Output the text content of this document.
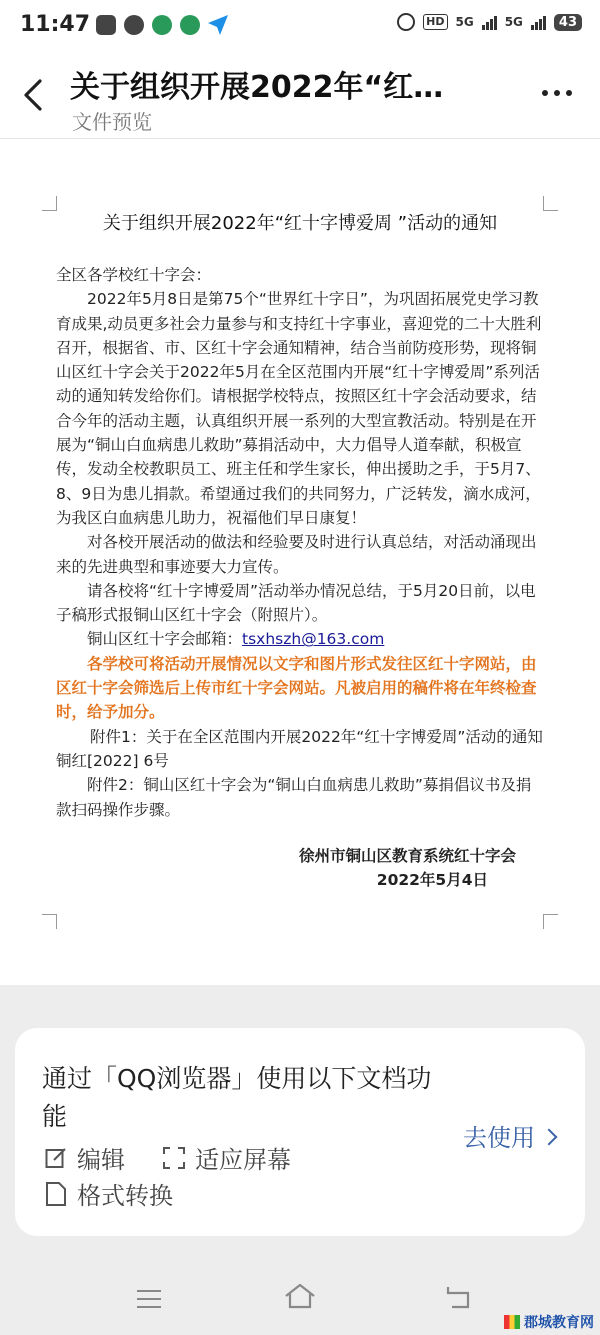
11:47	HD 5G	5G	43
关于组织开展2022年“红…
文件预览
关于组织开展2022年“红十字博爱周 ”活动的通知

全区各学校红十字会：

2022年5月8日是第75个“世界红十字日”，为巩固拓展党史学习教育成果,动员更多社会力量参与和支持红十字事业，喜迎党的二十大胜利召开，根据省、市、区红十字会通知精神，结合当前防疫形势，现将铜山区红十字会关于2022年5月在全区范围内开展“红十字博爱周”系列活动的通知转发给你们。请根据学校特点，按照区红十字会活动要求，结合今年的活动主题，认真组织开展一系列的大型宣教活动。特别是在开展为“铜山白血病患儿救助”募捐活动中，大力倡导人道奉献，积极宣传，发动全校教职员工、班主任和学生家长，伸出援助之手，于5月7、8、9日为患儿捐款。希望通过我们的共同努力，广泛转发，滴水成河，为我区白血病患儿助力，祝福他们早日康复！

对各校开展活动的做法和经验要及时进行认真总结，对活动涌现出来的先进典型和事迹要大力宣传。

请各校将“红十字博爱周”活动举办情况总结，于5月20日前，以电子稿形式报铜山区红十字会（附照片）。

铜山区红十字会邮箱：tsxhszh@163.com

各学校可将活动开展情况以文字和图片形式发往区红十字网站，由区红十字会筛选后上传市红十字会网站。凡被启用的稿件将在年终检查时，给予加分。

附件1：关于在全区范围内开展2022年“红十字博爱周”活动的通知铜红[2022] 6号

附件2：铜山区红十字会为“铜山白血病患儿救助”募捐倡议书及捐款扫码操作步骤。

徐州市铜山区教育系统红十字会
2022年5月4日
通过「QQ浏览器」使用以下文档功能
去使用
编辑	适应屏幕
格式转换
郡城教育网
